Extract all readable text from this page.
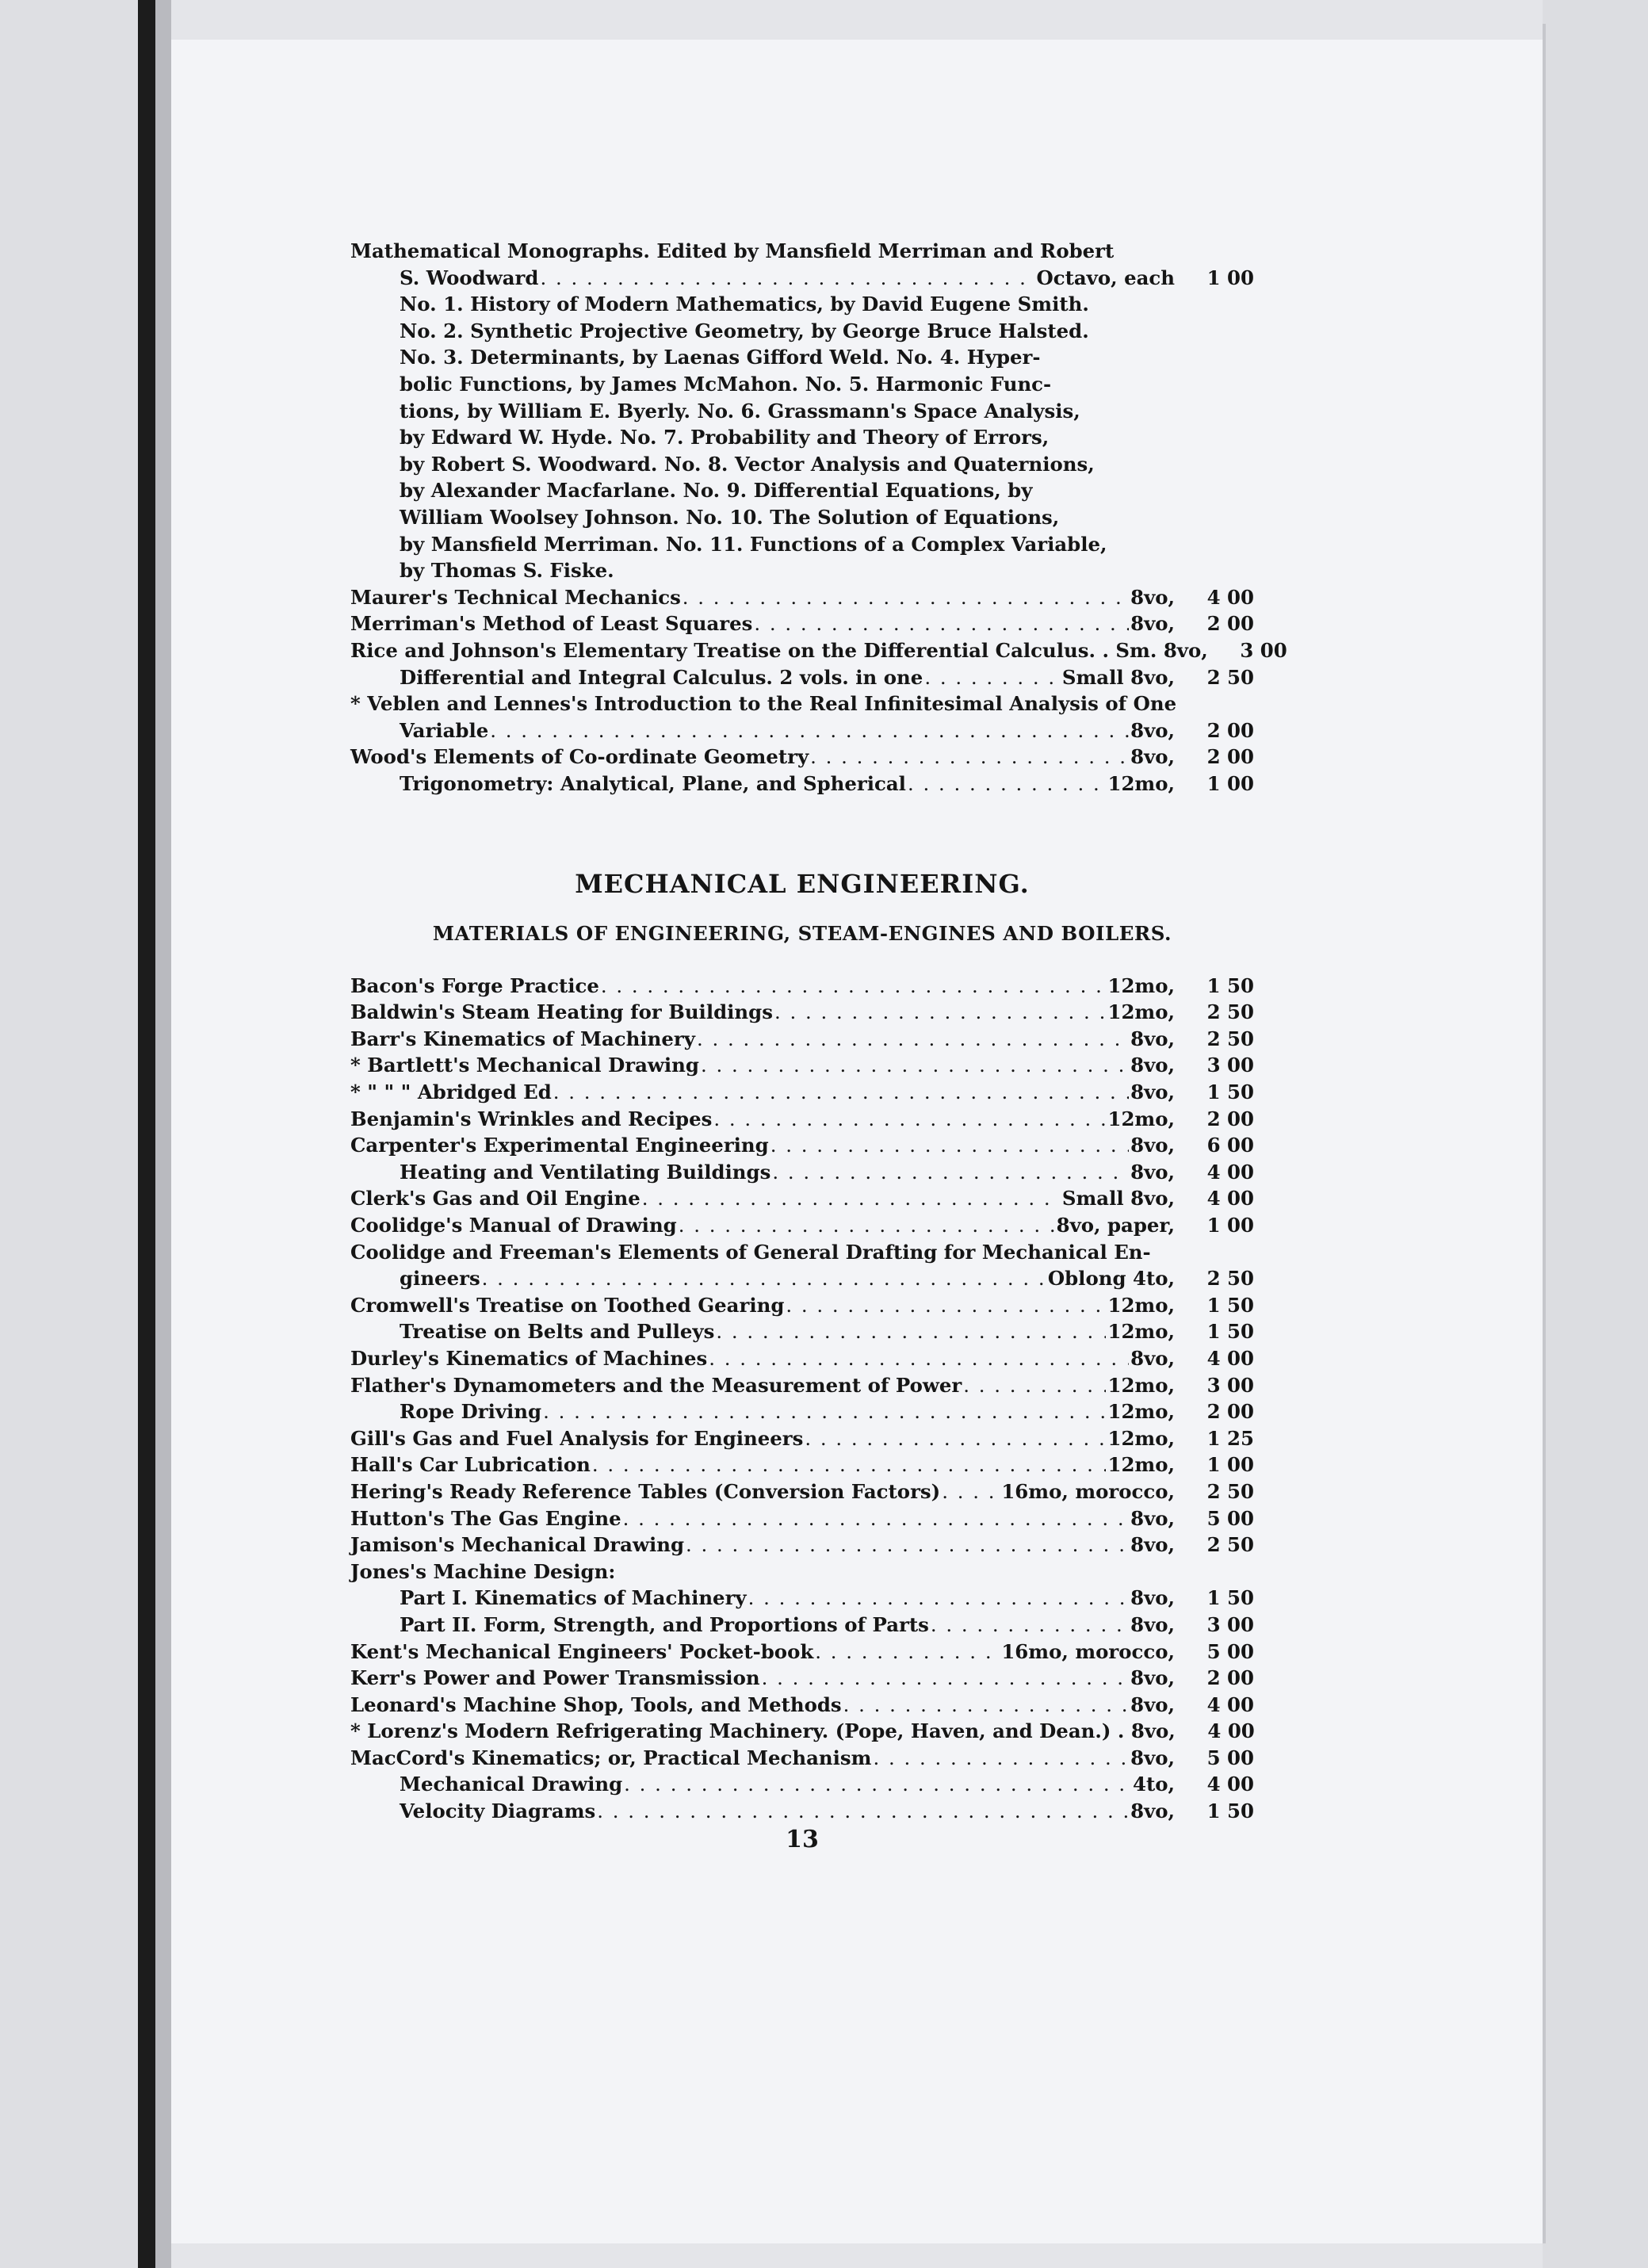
Mathematical Monographs. Edited by Mansfield Merriman and Robert
S. Woodward . . .	Octavo, each	1 00
No. 1. History of Modern Mathematics, by David Eugene Smith.
No. 2. Synthetic Projective Geometry, by George Bruce Halsted.
No. 3. Determinants, by Laenas Gifford Weld. No. 4. Hyper-
bolic Functions, by James McMahon. No. 5. Harmonic Func-
tions, by William E. Byerly. No. 6. Grassmann's Space Analysis,
by Edward W. Hyde. No. 7. Probability and Theory of Errors,
by Robert S. Woodward. No. 8. Vector Analysis and Quaternions,
by Alexander Macfarlane. No. 9. Differential Equations, by
William Woolsey Johnson. No. 10. The Solution of Equations,
by Mansfield Merriman. No. 11. Functions of a Complex Variable,
by Thomas S. Fiske.
Maurer's Technical Mechanics . . .	8vo,	4 00
Merriman's Method of Least Squares . . .	8vo,	2 00
Rice and Johnson's Elementary Treatise on the Differential Calculus. . Sm. 8vo,	3 00
Differential and Integral Calculus. 2 vols. in one . . .	Small 8vo,	2 50
* Veblen and Lennes's Introduction to the Real Infinitesimal Analysis of One
Variable . . .	8vo,	2 00
Wood's Elements of Co-ordinate Geometry . . .	8vo,	2 00
Trigonometry: Analytical, Plane, and Spherical . . .	12mo,	1 00
MECHANICAL ENGINEERING.
MATERIALS OF ENGINEERING, STEAM-ENGINES AND BOILERS.
Bacon's Forge Practice . . .	12mo,	1 50
Baldwin's Steam Heating for Buildings . . .	12mo,	2 50
Barr's Kinematics of Machinery . . .	8vo,	2 50
* Bartlett's Mechanical Drawing . . .	8vo,	3 00
* " " " Abridged Ed . . .	8vo,	1 50
Benjamin's Wrinkles and Recipes . . .	12mo,	2 00
Carpenter's Experimental Engineering . . .	8vo,	6 00
Heating and Ventilating Buildings . . .	8vo,	4 00
Clerk's Gas and Oil Engine . . .	Small 8vo,	4 00
Coolidge's Manual of Drawing . . .	8vo, paper,	1 00
Coolidge and Freeman's Elements of General Drafting for Mechanical En-
gineers . . .	Oblong 4to,	2 50
Cromwell's Treatise on Toothed Gearing . . .	12mo,	1 50
Treatise on Belts and Pulleys . . .	12mo,	1 50
Durley's Kinematics of Machines . . .	8vo,	4 00
Flather's Dynamometers and the Measurement of Power . . .	12mo,	3 00
Rope Driving . . .	12mo,	2 00
Gill's Gas and Fuel Analysis for Engineers . . .	12mo,	1 25
Hall's Car Lubrication . . .	12mo,	1 00
Hering's Ready Reference Tables (Conversion Factors) . . .	16mo, morocco,	2 50
Hutton's The Gas Engine . . .	8vo,	5 00
Jamison's Mechanical Drawing . . .	8vo,	2 50
Jones's Machine Design:
Part I. Kinematics of Machinery . . .	8vo,	1 50
Part II. Form, Strength, and Proportions of Parts . . .	8vo,	3 00
Kent's Mechanical Engineers' Pocket-book . . .	16mo, morocco,	5 00
Kerr's Power and Power Transmission . . .	8vo,	2 00
Leonard's Machine Shop, Tools, and Methods . . .	8vo,	4 00
* Lorenz's Modern Refrigerating Machinery. (Pope, Haven, and Dean.) . 8vo,	4 00
MacCord's Kinematics; or, Practical Mechanism . . .	8vo,	5 00
Mechanical Drawing . . .	4to,	4 00
Velocity Diagrams . . .	8vo,	1 50
13
